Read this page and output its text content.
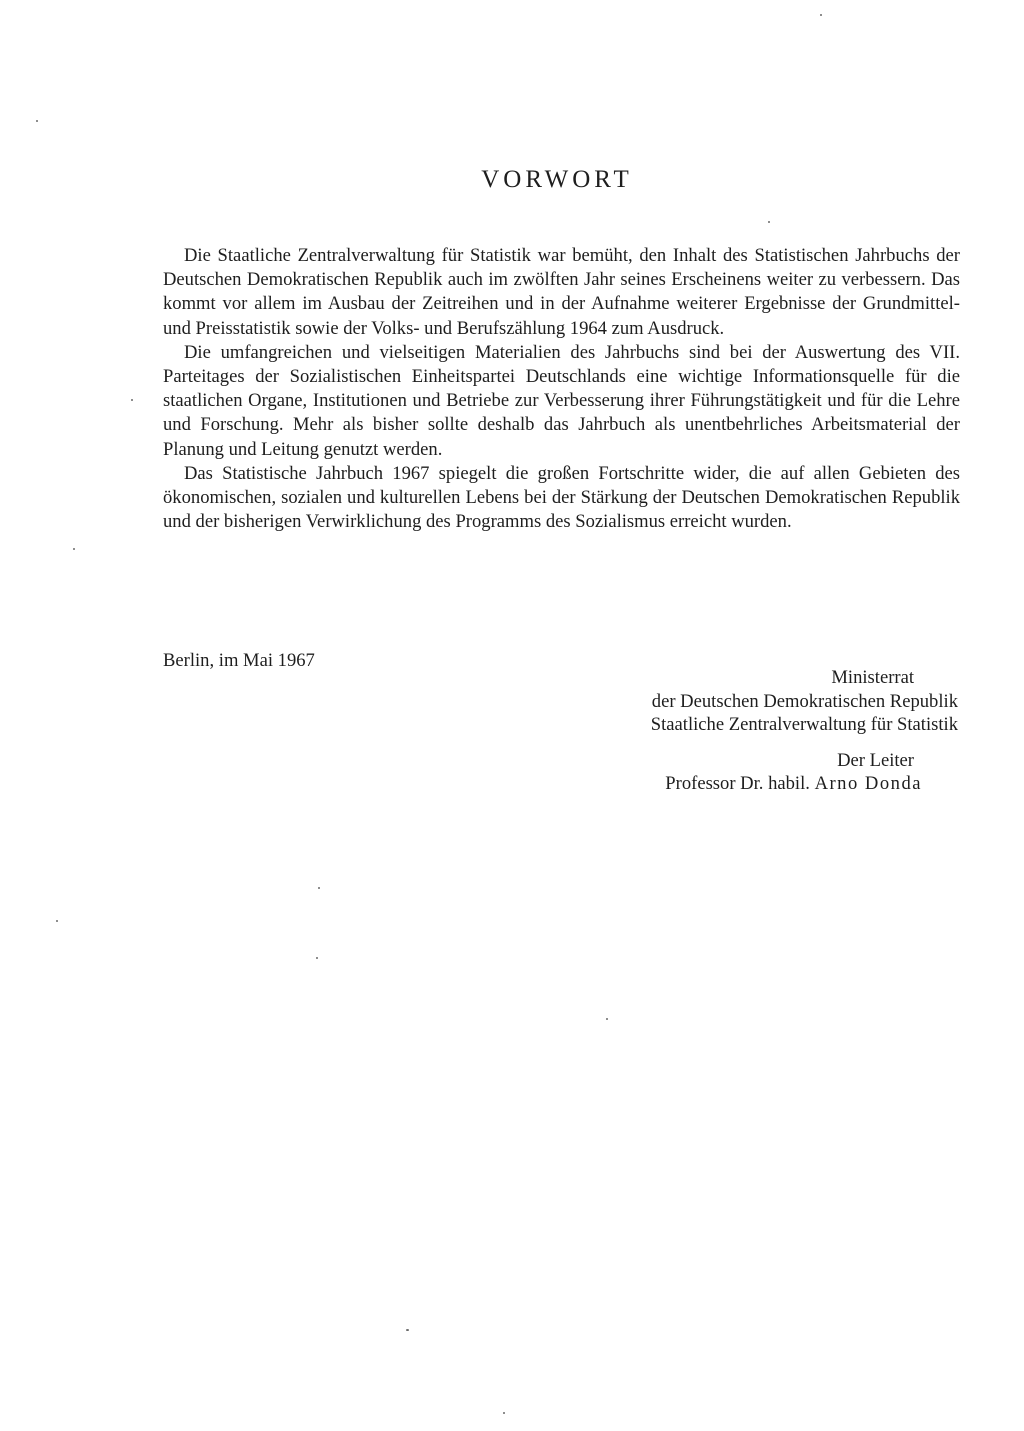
VORWORT

Die Staatliche Zentralverwaltung für Statistik war bemüht, den Inhalt des Statistischen Jahrbuchs der Deutschen Demokratischen Republik auch im zwölften Jahr seines Erscheinens weiter zu verbessern. Das kommt vor allem im Ausbau der Zeitreihen und in der Aufnahme weiterer Ergebnisse der Grundmittel- und Preisstatistik sowie der Volks- und Berufszählung 1964 zum Ausdruck.

Die umfangreichen und vielseitigen Materialien des Jahrbuchs sind bei der Auswertung des VII. Parteitages der Sozialistischen Einheitspartei Deutschlands eine wichtige Informationsquelle für die staatlichen Organe, Institutionen und Betriebe zur Verbesserung ihrer Führungstätigkeit und für die Lehre und Forschung. Mehr als bisher sollte deshalb das Jahrbuch als unentbehrliches Arbeitsmaterial der Planung und Leitung genutzt werden.

Das Statistische Jahrbuch 1967 spiegelt die großen Fortschritte wider, die auf allen Gebieten des ökonomischen, sozialen und kulturellen Lebens bei der Stärkung der Deutschen Demokratischen Republik und der bisherigen Verwirklichung des Programms des Sozialismus erreicht wurden.

Berlin, im Mai 1967
Ministerrat
der Deutschen Demokratischen Republik
Staatliche Zentralverwaltung für Statistik
Der Leiter
Professor Dr. habil. Arno Donda
